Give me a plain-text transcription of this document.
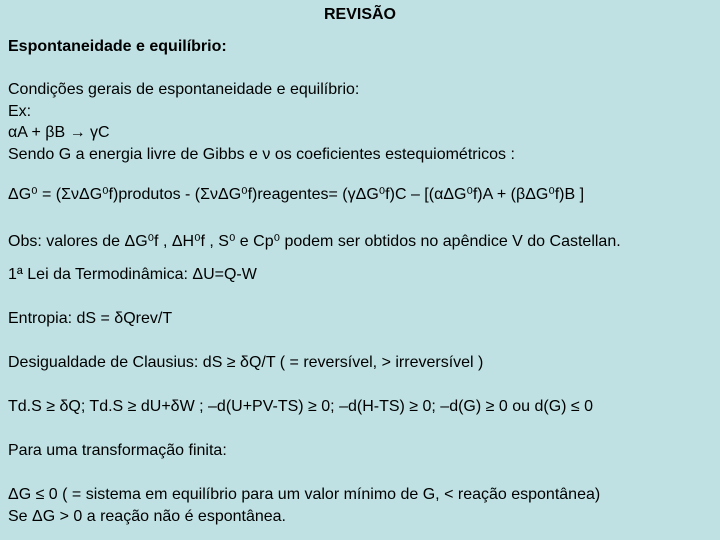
REVISÃO
Espontaneidade e equilíbrio:
Condições gerais de espontaneidade e equilíbrio:
Ex:
αA + βB → γC
Sendo G a energia livre de Gibbs e ν os coeficientes estequiométricos :
ΔG⁰ = (ΣνΔG⁰f)produtos - (ΣνΔG⁰f)reagentes= (γΔG⁰f)C – [(αΔG⁰f)A + (βΔG⁰f)B ]
Obs: valores de ΔG⁰f , ΔH⁰f , S⁰ e Cp⁰ podem ser obtidos no apêndice V do Castellan.
1ª Lei da Termodinâmica: ΔU=Q-W
Entropia: dS = δQrev/T
Desigualdade de Clausius: dS ≥ δQ/T ( = reversível, > irreversível )
Td.S ≥ δQ; Td.S ≥ dU+δW ; –d(U+PV-TS) ≥ 0; –d(H-TS) ≥ 0; –d(G) ≥ 0 ou d(G) ≤ 0
Para uma transformação finita:
ΔG ≤ 0 ( = sistema em equilíbrio para um valor mínimo de G, < reação espontânea)
Se ΔG > 0 a reação não é espontânea.
